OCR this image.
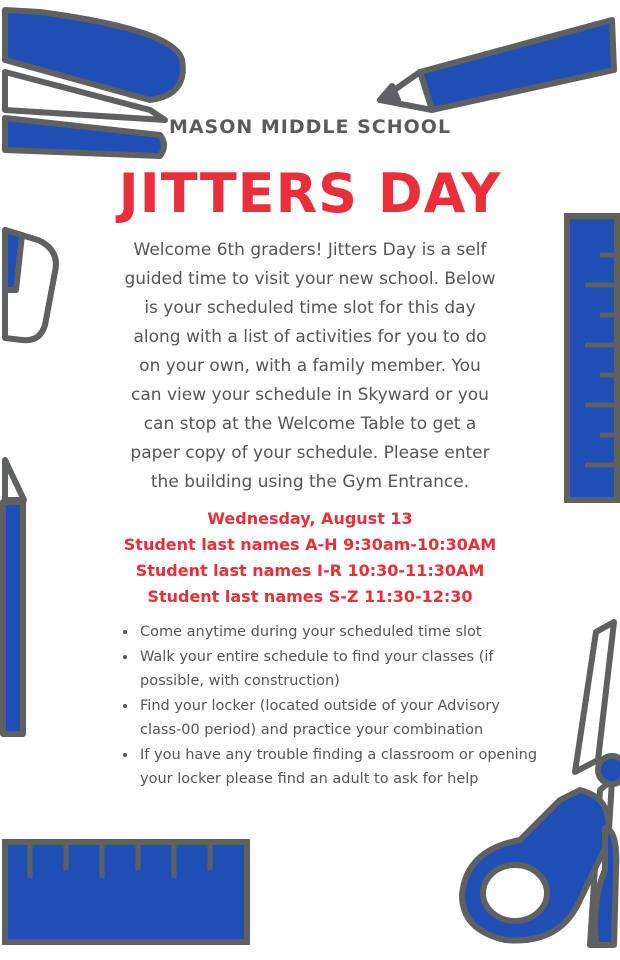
MASON MIDDLE SCHOOL
JITTERS DAY
Welcome 6th graders! Jitters Day is a self
guided time to visit your new school. Below
is your scheduled time slot for this day
along with a list of activities for you to do
on your own, with a family member. You
can view your schedule in Skyward or you
can stop at the Welcome Table to get a
paper copy of your schedule. Please enter
the building using the Gym Entrance.
Wednesday, August 13
Student last names A-H 9:30am-10:30AM
Student last names I-R 10:30-11:30AM
Student last names S-Z 11:30-12:30
• Come anytime during your scheduled time slot
• Walk your entire schedule to find your classes (if possible, with construction)
• Find your locker (located outside of your Advisory class-00 period) and practice your combination
• If you have any trouble finding a classroom or opening your locker please find an adult to ask for help
